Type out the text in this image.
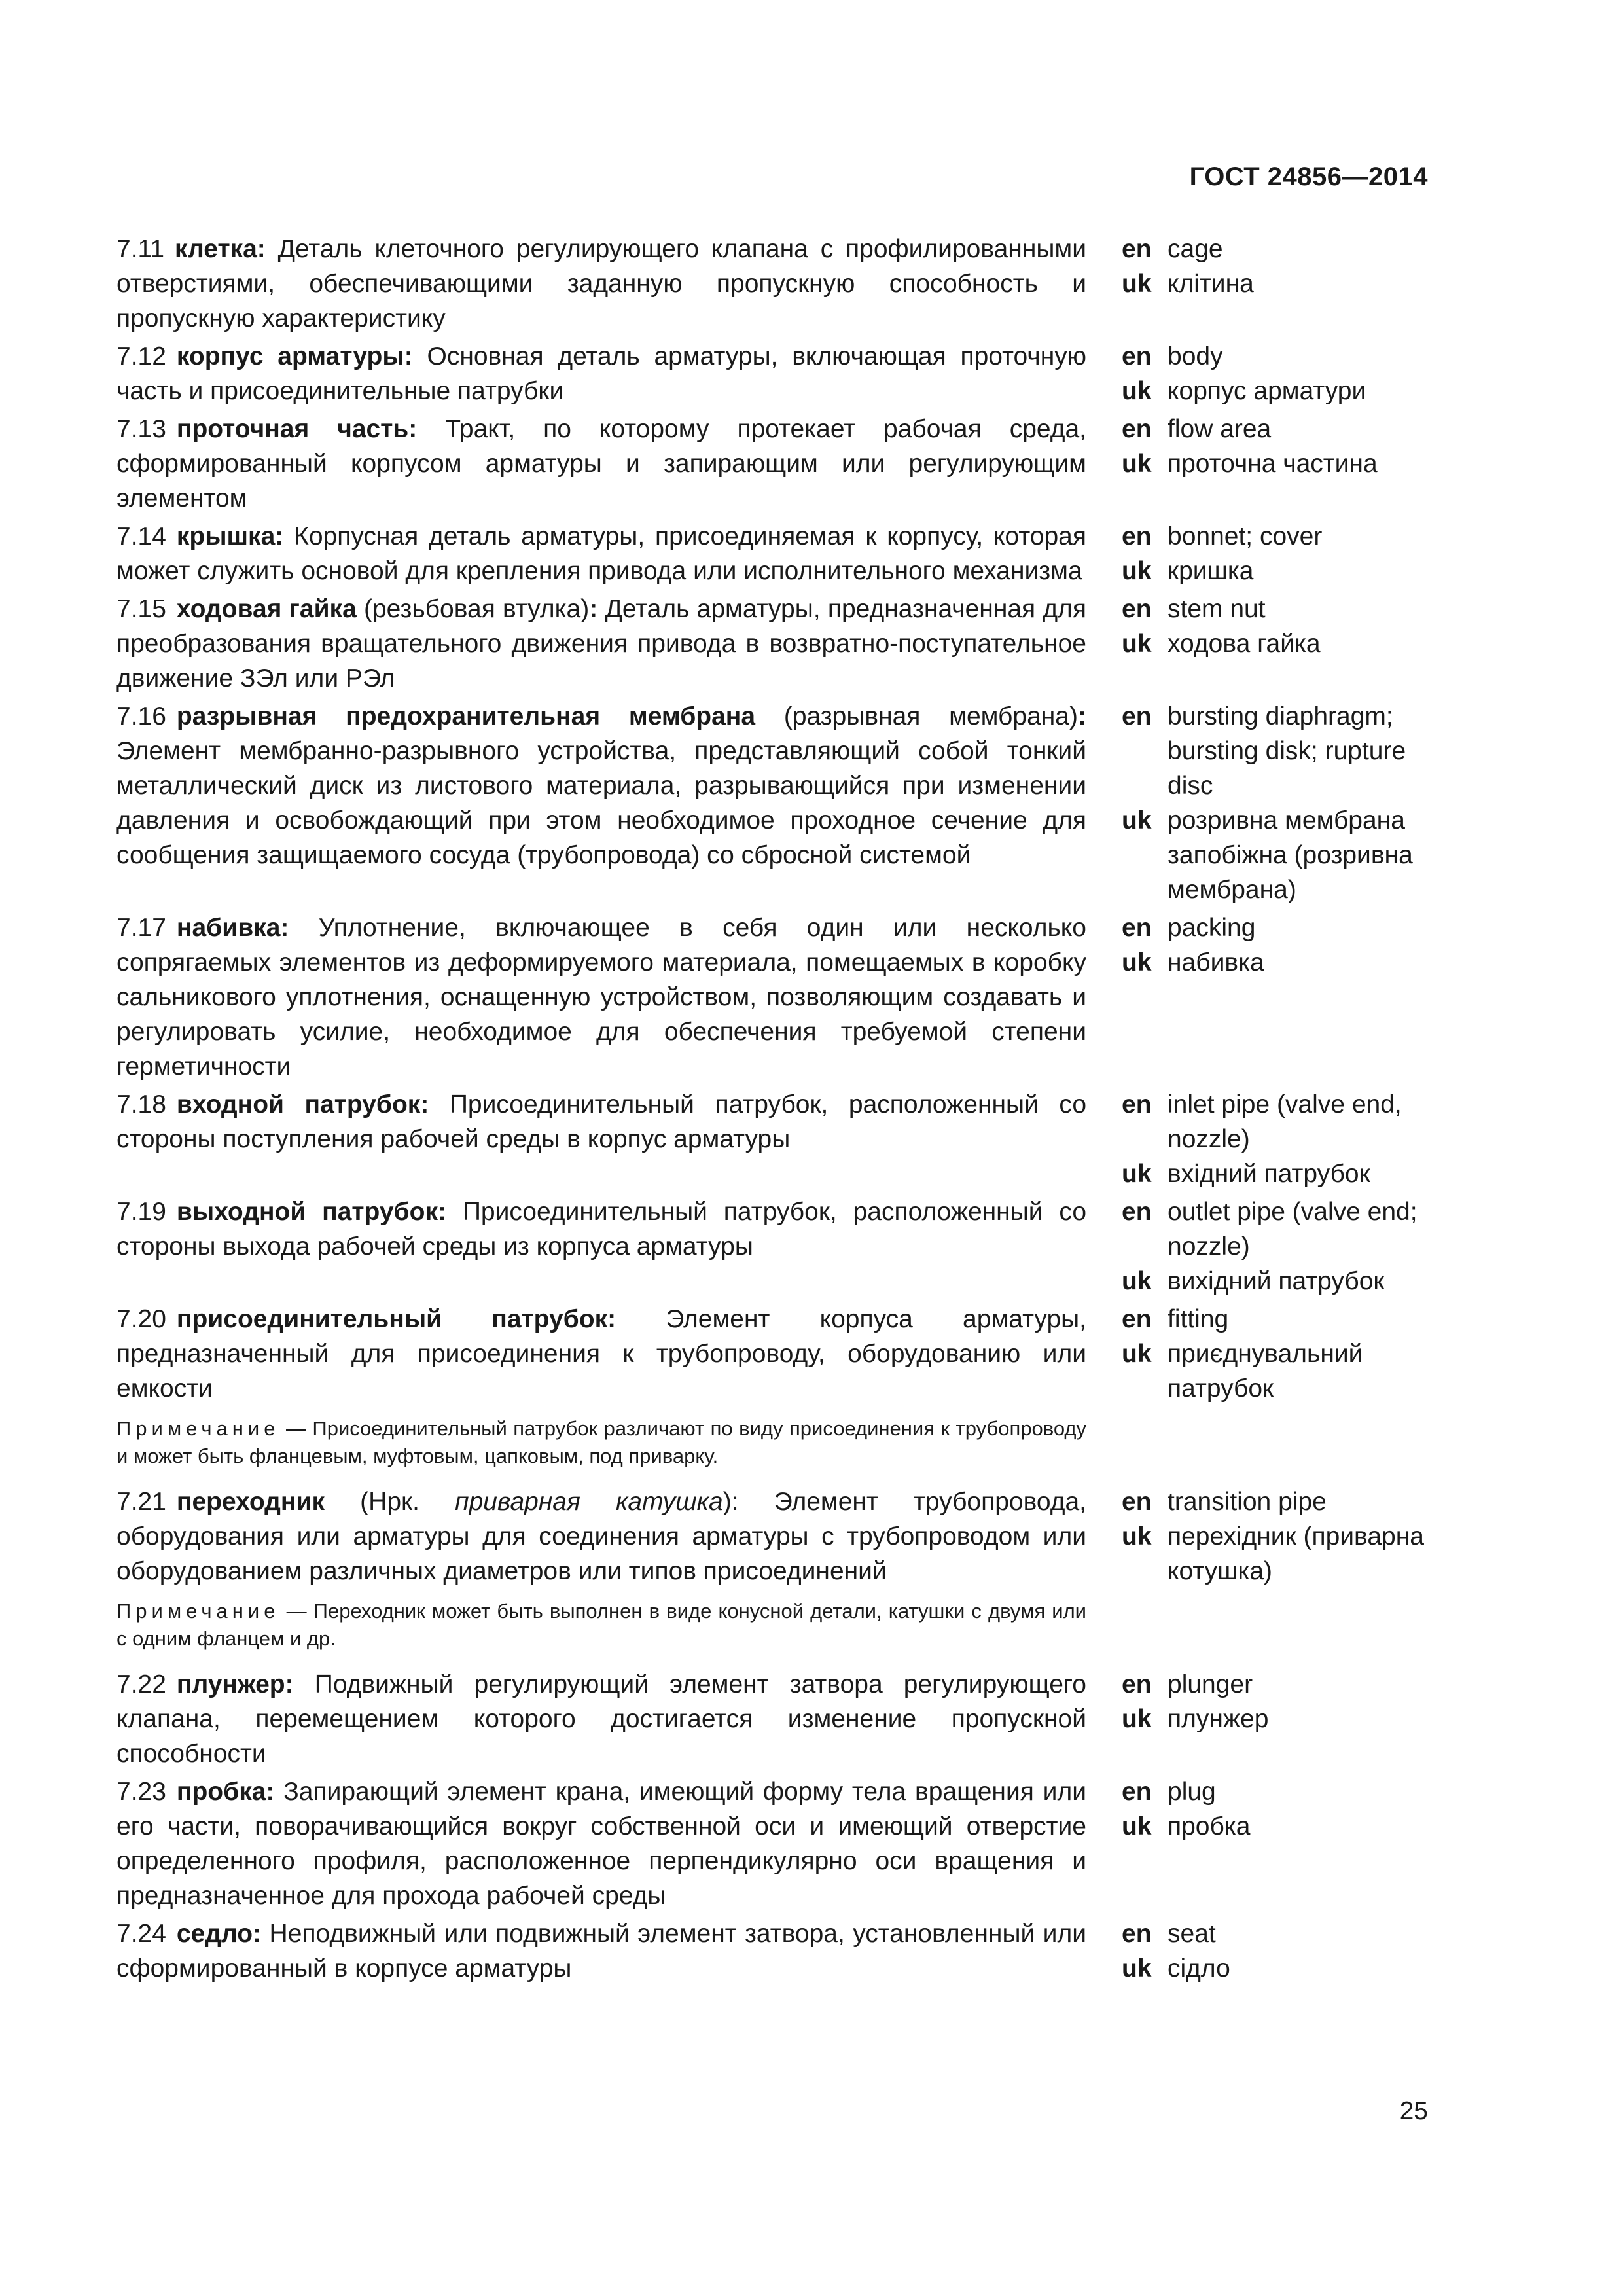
ГОСТ 24856—2014
7.11 клетка: Деталь клеточного регулирующего клапана с профилированными отверстиями, обеспечивающими заданную пропускную способность и пропускную характеристику
en cage
uk клітина
7.12 корпус арматуры: Основная деталь арматуры, включающая проточную часть и присоединительные патрубки
en body
uk корпус арматури
7.13 проточная часть: Тракт, по которому протекает рабочая среда, сформированный корпусом арматуры и запирающим или регулирующим элементом
en flow area
uk проточна частина
7.14 крышка: Корпусная деталь арматуры, присоединяемая к корпусу, которая может служить основой для крепления привода или исполнительного механизма
en bonnet; cover
uk кришка
7.15 ходовая гайка (резьбовая втулка): Деталь арматуры, предназначенная для преобразования вращательного движения привода в возвратно-поступательное движение ЗЭл или РЭл
en stem nut
uk ходова гайка
7.16 разрывная предохранительная мембрана (разрывная мембрана): Элемент мембранно-разрывного устройства, представляющий собой тонкий металлический диск из листового материала, разрывающийся при изменении давления и освобождающий при этом необходимое проходное сечение для сообщения защищаемого сосуда (трубопровода) со сбросной системой
en bursting diaphragm; bursting disk; rupture disc
uk розривна мембрана запобіжна (розривна мембрана)
7.17 набивка: Уплотнение, включающее в себя один или несколько сопрягаемых элементов из деформируемого материала, помещаемых в коробку сальникового уплотнения, оснащенную устройством, позволяющим создавать и регулировать усилие, необходимое для обеспечения требуемой степени герметичности
en packing
uk набивка
7.18 входной патрубок: Присоединительный патрубок, расположенный со стороны поступления рабочей среды в корпус арматуры
en inlet pipe (valve end, nozzle)
uk вхідний патрубок
7.19 выходной патрубок: Присоединительный патрубок, расположенный со стороны выхода рабочей среды из корпуса арматуры
en outlet pipe (valve end; nozzle)
uk вихідний патрубок
7.20 присоединительный патрубок: Элемент корпуса арматуры, предназначенный для присоединения к трубопроводу, оборудованию или емкости
en fitting
uk приєднувальний патрубок
Примечание — Присоединительный патрубок различают по виду присоединения к трубопроводу и может быть фланцевым, муфтовым, цапковым, под приварку.
7.21 переходник (Нрк. приварная катушка): Элемент трубопровода, оборудования или арматуры для соединения арматуры с трубопроводом или оборудованием различных диаметров или типов присоединений
en transition pipe
uk перехідник (приварна котушка)
Примечание — Переходник может быть выполнен в виде конусной детали, катушки с двумя или с одним фланцем и др.
7.22 плунжер: Подвижный регулирующий элемент затвора регулирующего клапана, перемещением которого достигается изменение пропускной способности
en plunger
uk плунжер
7.23 пробка: Запирающий элемент крана, имеющий форму тела вращения или его части, поворачивающийся вокруг собственной оси и имеющий отверстие определенного профиля, расположенное перпендикулярно оси вращения и предназначенное для прохода рабочей среды
en plug
uk пробка
7.24 седло: Неподвижный или подвижный элемент затвора, установленный или сформированный в корпусе арматуры
en seat
uk сідло
25
